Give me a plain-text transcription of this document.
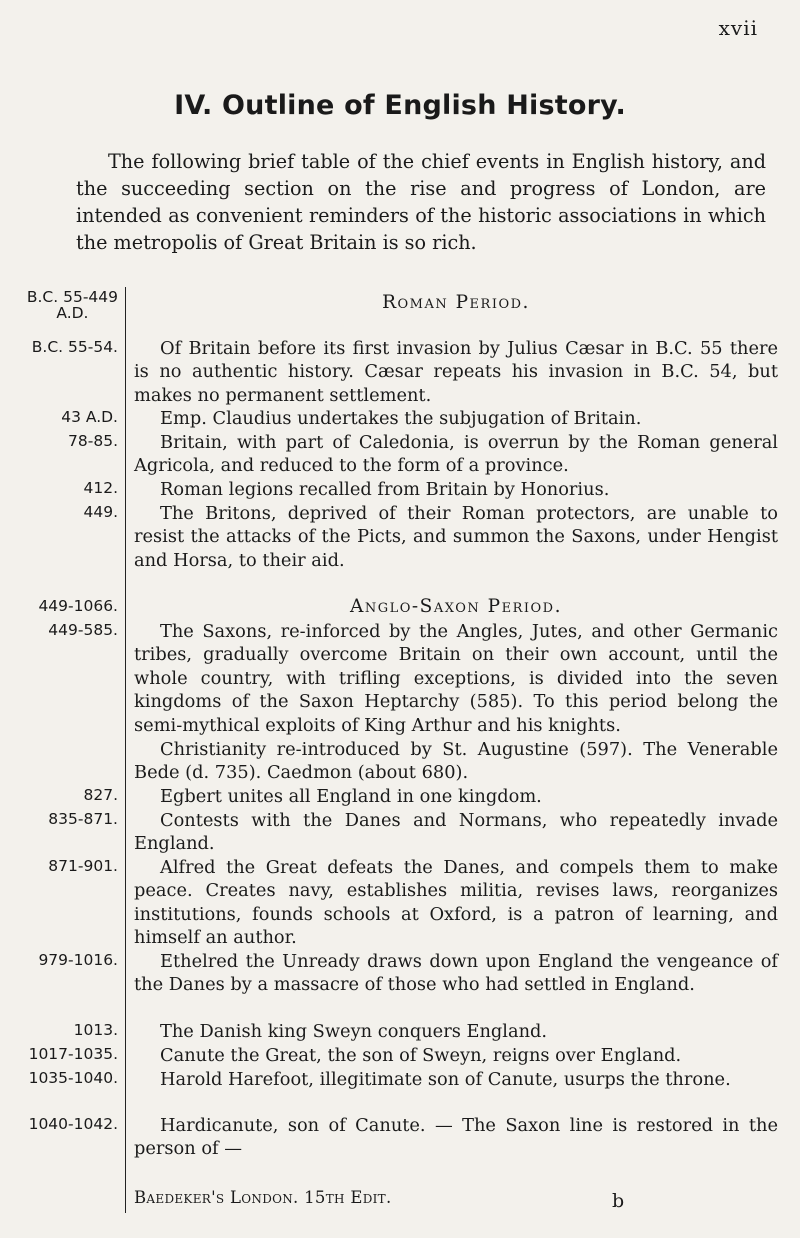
xvii
IV. Outline of English History.
The following brief table of the chief events in English history, and the succeeding section on the rise and progress of London, are intended as convenient reminders of the historic associations in which the metropolis of Great Britain is so rich.
B.C. 55-449
A.D.
B.C. 55-54.
43 A.D.
78-85.
412.
449.
449-1066.
449-585.
827.
835-871.
871-901.
979-1016.
1013.
1017-1035.
1035-1040.
1040-1042.
Roman Period.
Of Britain before its first invasion by Julius Cæsar in B.C. 55 there is no authentic history. Cæsar repeats his invasion in B.C. 54, but makes no permanent settlement.
Emp. Claudius undertakes the subjugation of Britain.
Britain, with part of Caledonia, is overrun by the Roman general Agricola, and reduced to the form of a province.
Roman legions recalled from Britain by Honorius.
The Britons, deprived of their Roman protectors, are unable to resist the attacks of the Picts, and summon the Saxons, under Hengist and Horsa, to their aid.
Anglo-Saxon Period.
The Saxons, re-inforced by the Angles, Jutes, and other Germanic tribes, gradually overcome Britain on their own account, until the whole country, with trifling exceptions, is divided into the seven kingdoms of the Saxon Heptarchy (585). To this period belong the semi-mythical exploits of King Arthur and his knights.
Christianity re-introduced by St. Augustine (597). The Venerable Bede (d. 735). Caedmon (about 680).
Egbert unites all England in one kingdom.
Contests with the Danes and Normans, who repeatedly invade England.
Alfred the Great defeats the Danes, and compels them to make peace. Creates navy, establishes militia, revises laws, reorganizes institutions, founds schools at Oxford, is a patron of learning, and himself an author.
Ethelred the Unready draws down upon England the vengeance of the Danes by a massacre of those who had settled in England.
The Danish king Sweyn conquers England.
Canute the Great, the son of Sweyn, reigns over England.
Harold Harefoot, illegitimate son of Canute, usurps the throne.
Hardicanute, son of Canute. — The Saxon line is restored in the person of —
Baedeker's London. 15th Edit.	b
